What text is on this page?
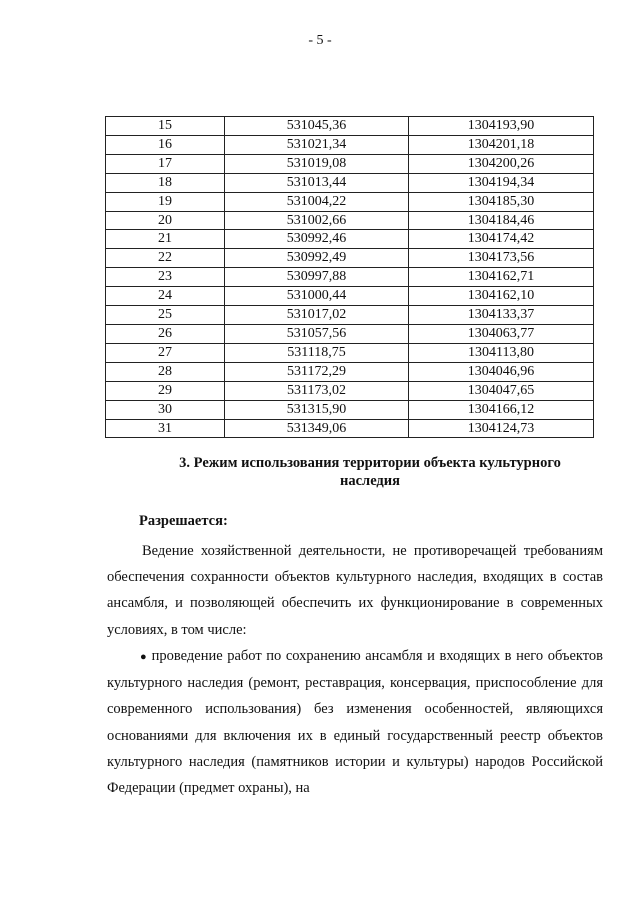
- 5 -
15	531045,36	1304193,90
16	531021,34	1304201,18
17	531019,08	1304200,26
18	531013,44	1304194,34
19	531004,22	1304185,30
20	531002,66	1304184,46
21	530992,46	1304174,42
22	530992,49	1304173,56
23	530997,88	1304162,71
24	531000,44	1304162,10
25	531017,02	1304133,37
26	531057,56	1304063,77
27	531118,75	1304113,80
28	531172,29	1304046,96
29	531173,02	1304047,65
30	531315,90	1304166,12
31	531349,06	1304124,73
3. Режим использования территории объекта культурного
наследия
Разрешается:
Ведение хозяйственной деятельности, не противоречащей требованиям обеспечения сохранности объектов культурного наследия, входящих в состав ансамбля, и позволяющей обеспечить их функционирование в современных условиях, в том числе:
● проведение работ по сохранению ансамбля и входящих в него объектов культурного наследия (ремонт, реставрация, консервация, приспособление для современного использования) без изменения особенностей, являющихся основаниями для включения их в единый государственный реестр объектов культурного наследия (памятников истории и культуры) народов Российской Федерации (предмет охраны), на
